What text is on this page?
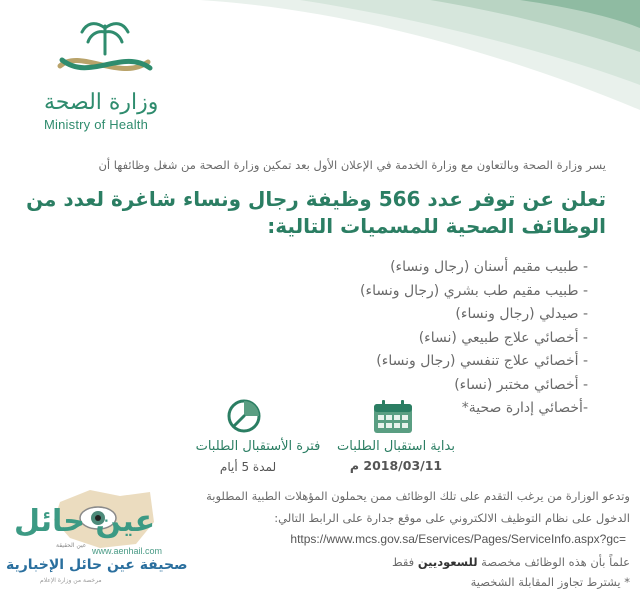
وزارة الصحة
Ministry of Health
يسر وزارة الصحة وبالتعاون مع وزارة الخدمة في الإعلان الأول بعد تمكين وزارة الصحة من شغل وظائفها أن
تعلن عن توفر عدد 566 وظيفة رجال ونساء شاغرة لعدد من
الوظائف الصحية للمسميات التالية:
- طبيب مقيم أسنان (رجال ونساء)
- طبيب مقيم طب بشري (رجال ونساء)
- صيدلي (رجال ونساء)
- أخصائي علاج طبيعي (نساء)
- أخصائي علاج تنفسي (رجال ونساء)
- أخصائي مختبر (نساء)
-أخصائي إدارة صحية*
بداية استقبال الطلبات
2018/03/11 م
فترة الأستقبال الطلبات
لمدة 5 أيام
وتدعو الوزارة من يرغب التقدم على تلك الوظائف ممن يحملون المؤهلات الطبية المطلوبة
الدخول على نظام التوظيف الالكتروني على موقع جدارة على الرابط التالي:
https://www.mcs.gov.sa/Eservices/Pages/ServiceInfo.aspx?gc=
علماً بأن هذه الوظائف مخصصة للسعوديين فقط
* يشترط تجاوز المقابلة الشخصية
عين حائل
عين الحقيقة
www.aenhail.com
صحيفة عين حائل الإخبارية
مرخصة من وزارة الإعلام
